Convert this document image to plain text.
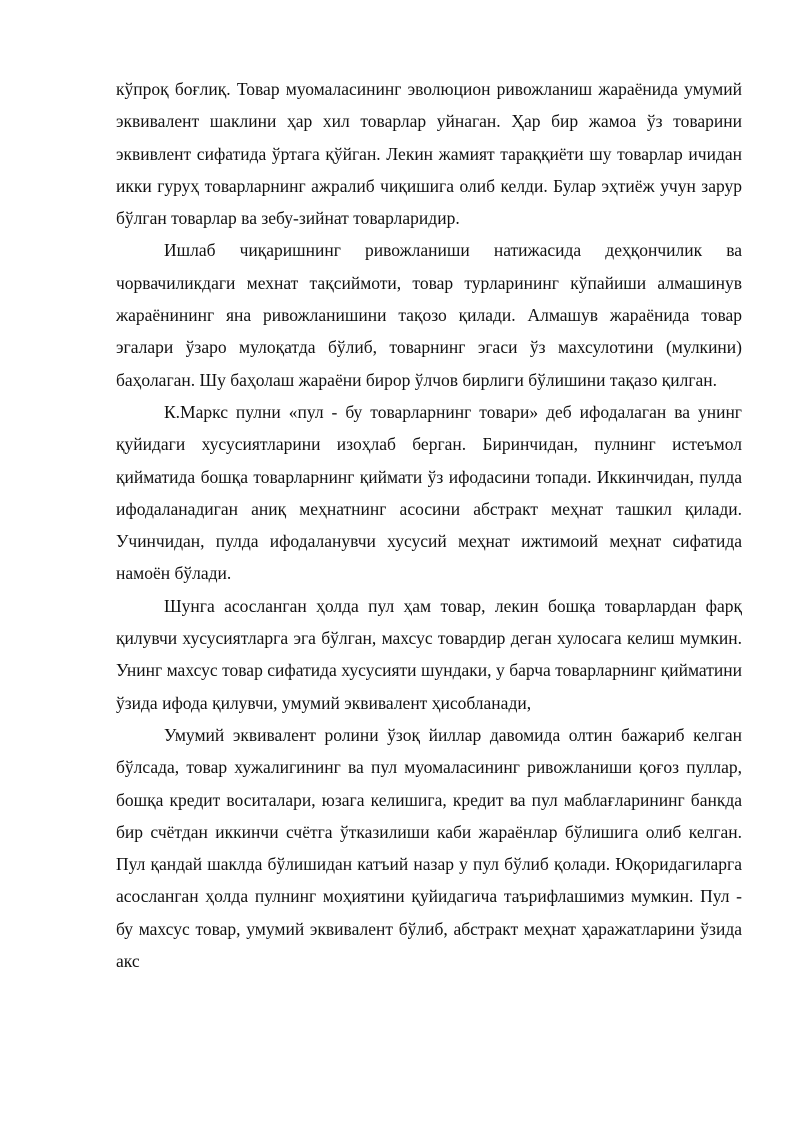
кўпроқ боғлиқ. Товар муомаласининг эволюцион ривожланиш жараёнида умумий эквивалент шаклини ҳар хил товарлар уйнаган. Ҳар бир жамоа ўз товарини эквивлент сифатида ўртага қўйган. Лекин жамият тараққиёти шу товарлар ичидан икки гуруҳ товарларнинг ажралиб чиқишига олиб келди. Булар эҳтиёж учун зарур бўлган товарлар ва зебу-зийнат товарларидир.

Ишлаб чиқаришнинг ривожланиши натижасида деҳқончилик ва чорвачиликдаги мехнат тақсиймоти, товар турларининг кўпайиши алмашинув жараёнининг яна ривожланишини тақозо қилади. Алмашув жараёнида товар эгалари ўзаро мулоқатда бўлиб, товарнинг эгаси ўз махсулотини (мулкини) баҳолаган. Шу баҳолаш жараёни бирор ўлчов бирлиги бўлишини тақазо қилган.

К.Маркс пулни «пул - бу товарларнинг товари» деб ифодалаган ва унинг қуйидаги хусусиятларини изоҳлаб берган. Биринчидан, пулнинг истеъмол қийматида бошқа товарларнинг қиймати ўз ифодасини топади. Иккинчидан, пулда ифодаланадиган аниқ меҳнатнинг асосини абстракт меҳнат ташкил қилади. Учинчидан, пулда ифодаланувчи хусусий меҳнат ижтимоий меҳнат сифатида намоён бўлади.

Шунга асосланган ҳолда пул ҳам товар, лекин бошқа товарлардан фарқ қилувчи хусусиятларга эга бўлган, махсус товардир деган хулосага келиш мумкин. Унинг махсус товар сифатида хусусияти шундаки, у барча товарларнинг қийматини ўзида ифода қилувчи, умумий эквивалент ҳисобланади,

Умумий эквивалент ролини ўзоқ йиллар давомида олтин бажариб келган бўлсада, товар хужалигининг ва пул муомаласининг ривожланиши қоғоз пуллар, бошқа кредит воситалари, юзага келишига, кредит ва пул маблағларининг банкда бир счётдан иккинчи счётга ўтказилиши каби жараёнлар бўлишига олиб келган. Пул қандай шаклда бўлишидан катъий назар у пул бўлиб қолади. Юқоридагиларга асосланган ҳолда пулнинг моҳиятини қуйидагича таърифлашимиз мумкин. Пул - бу махсус товар, умумий эквивалент бўлиб, абстракт меҳнат ҳаражатларини ўзида акс
